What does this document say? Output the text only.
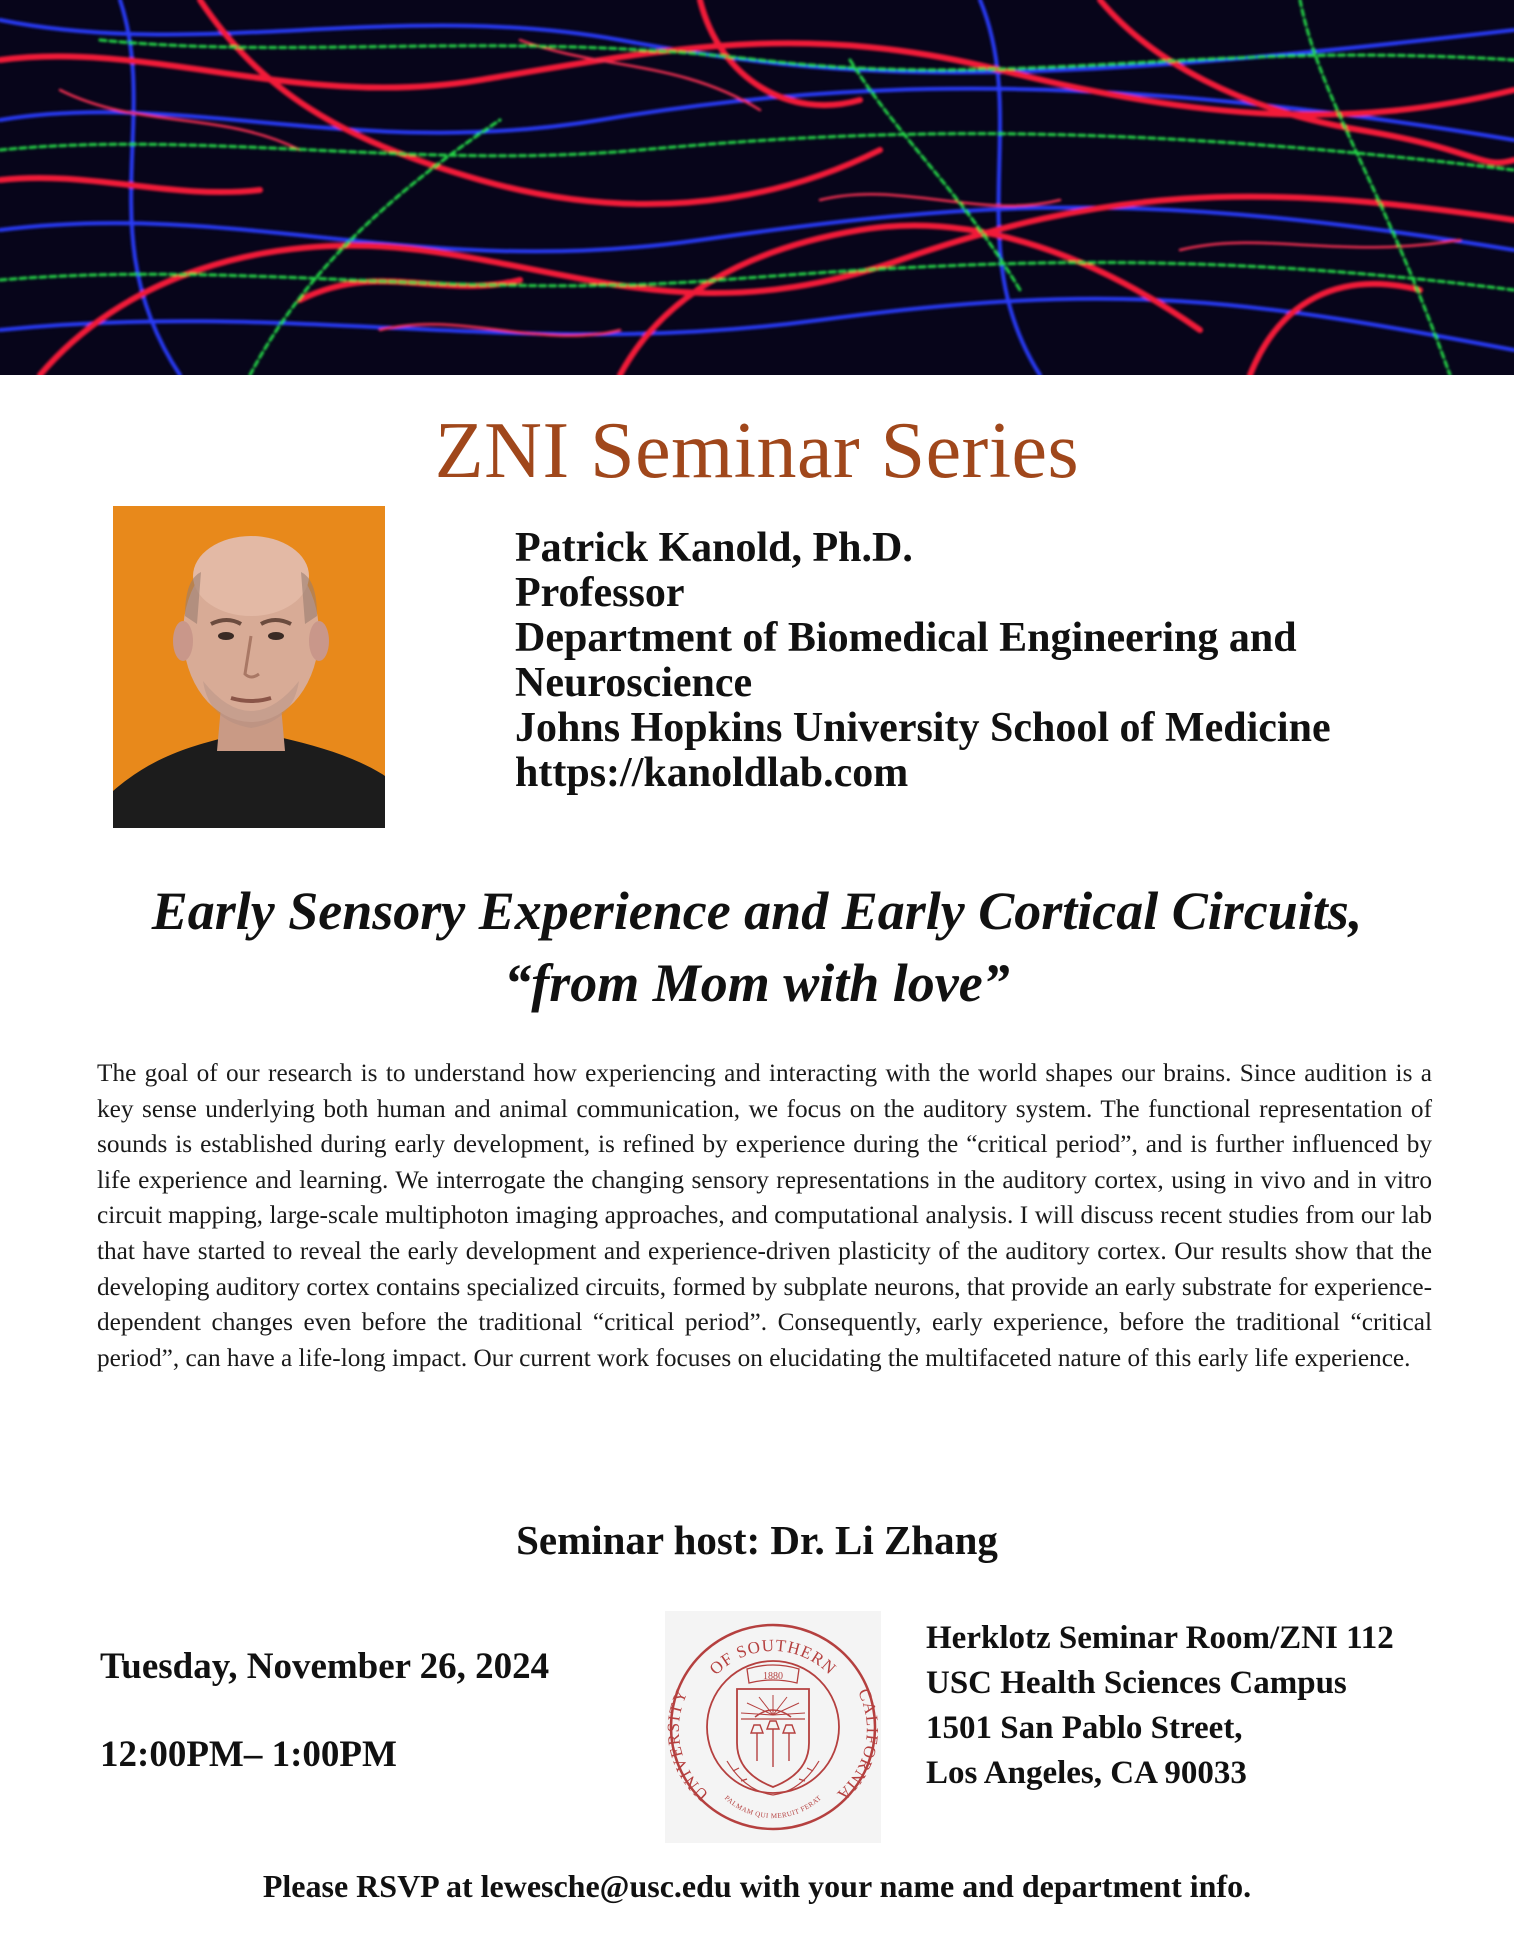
ZNI Seminar Series
Patrick Kanold, Ph.D.
Professor
Department of Biomedical Engineering and
Neuroscience
Johns Hopkins University School of Medicine
https://kanoldlab.com
Early Sensory Experience and Early Cortical Circuits,
“from Mom with love”
The goal of our research is to understand how experiencing and interacting with the world shapes our brains. Since audition is a key sense underlying both human and animal communication, we focus on the auditory system. The functional representation of sounds is established during early development, is refined by experience during the “critical period”, and is further influenced by life experience and learning. We interrogate the changing sensory representations in the auditory cortex, using in vivo and in vitro circuit mapping, large-scale multiphoton imaging approaches, and computational analysis. I will discuss recent studies from our lab that have started to reveal the early development and experience-driven plasticity of the auditory cortex. Our results show that the developing auditory cortex contains specialized circuits, formed by subplate neurons, that provide an early substrate for experience-dependent changes even before the traditional “critical period”. Consequently, early experience, before the traditional “critical period”, can have a life-long impact. Our current work focuses on elucidating the multifaceted nature of this early life experience.
Seminar host: Dr. Li Zhang
Tuesday, November 26, 2024
12:00PM– 1:00PM
OF SOUTHERN
UNIVERSITY	CALIFORNIA
PALMAM QUI MERUIT FERAT
1880
Herklotz Seminar Room/ZNI 112
USC Health Sciences Campus
1501 San Pablo Street,
Los Angeles, CA 90033
Please RSVP at lewesche@usc.edu with your name and department info.
